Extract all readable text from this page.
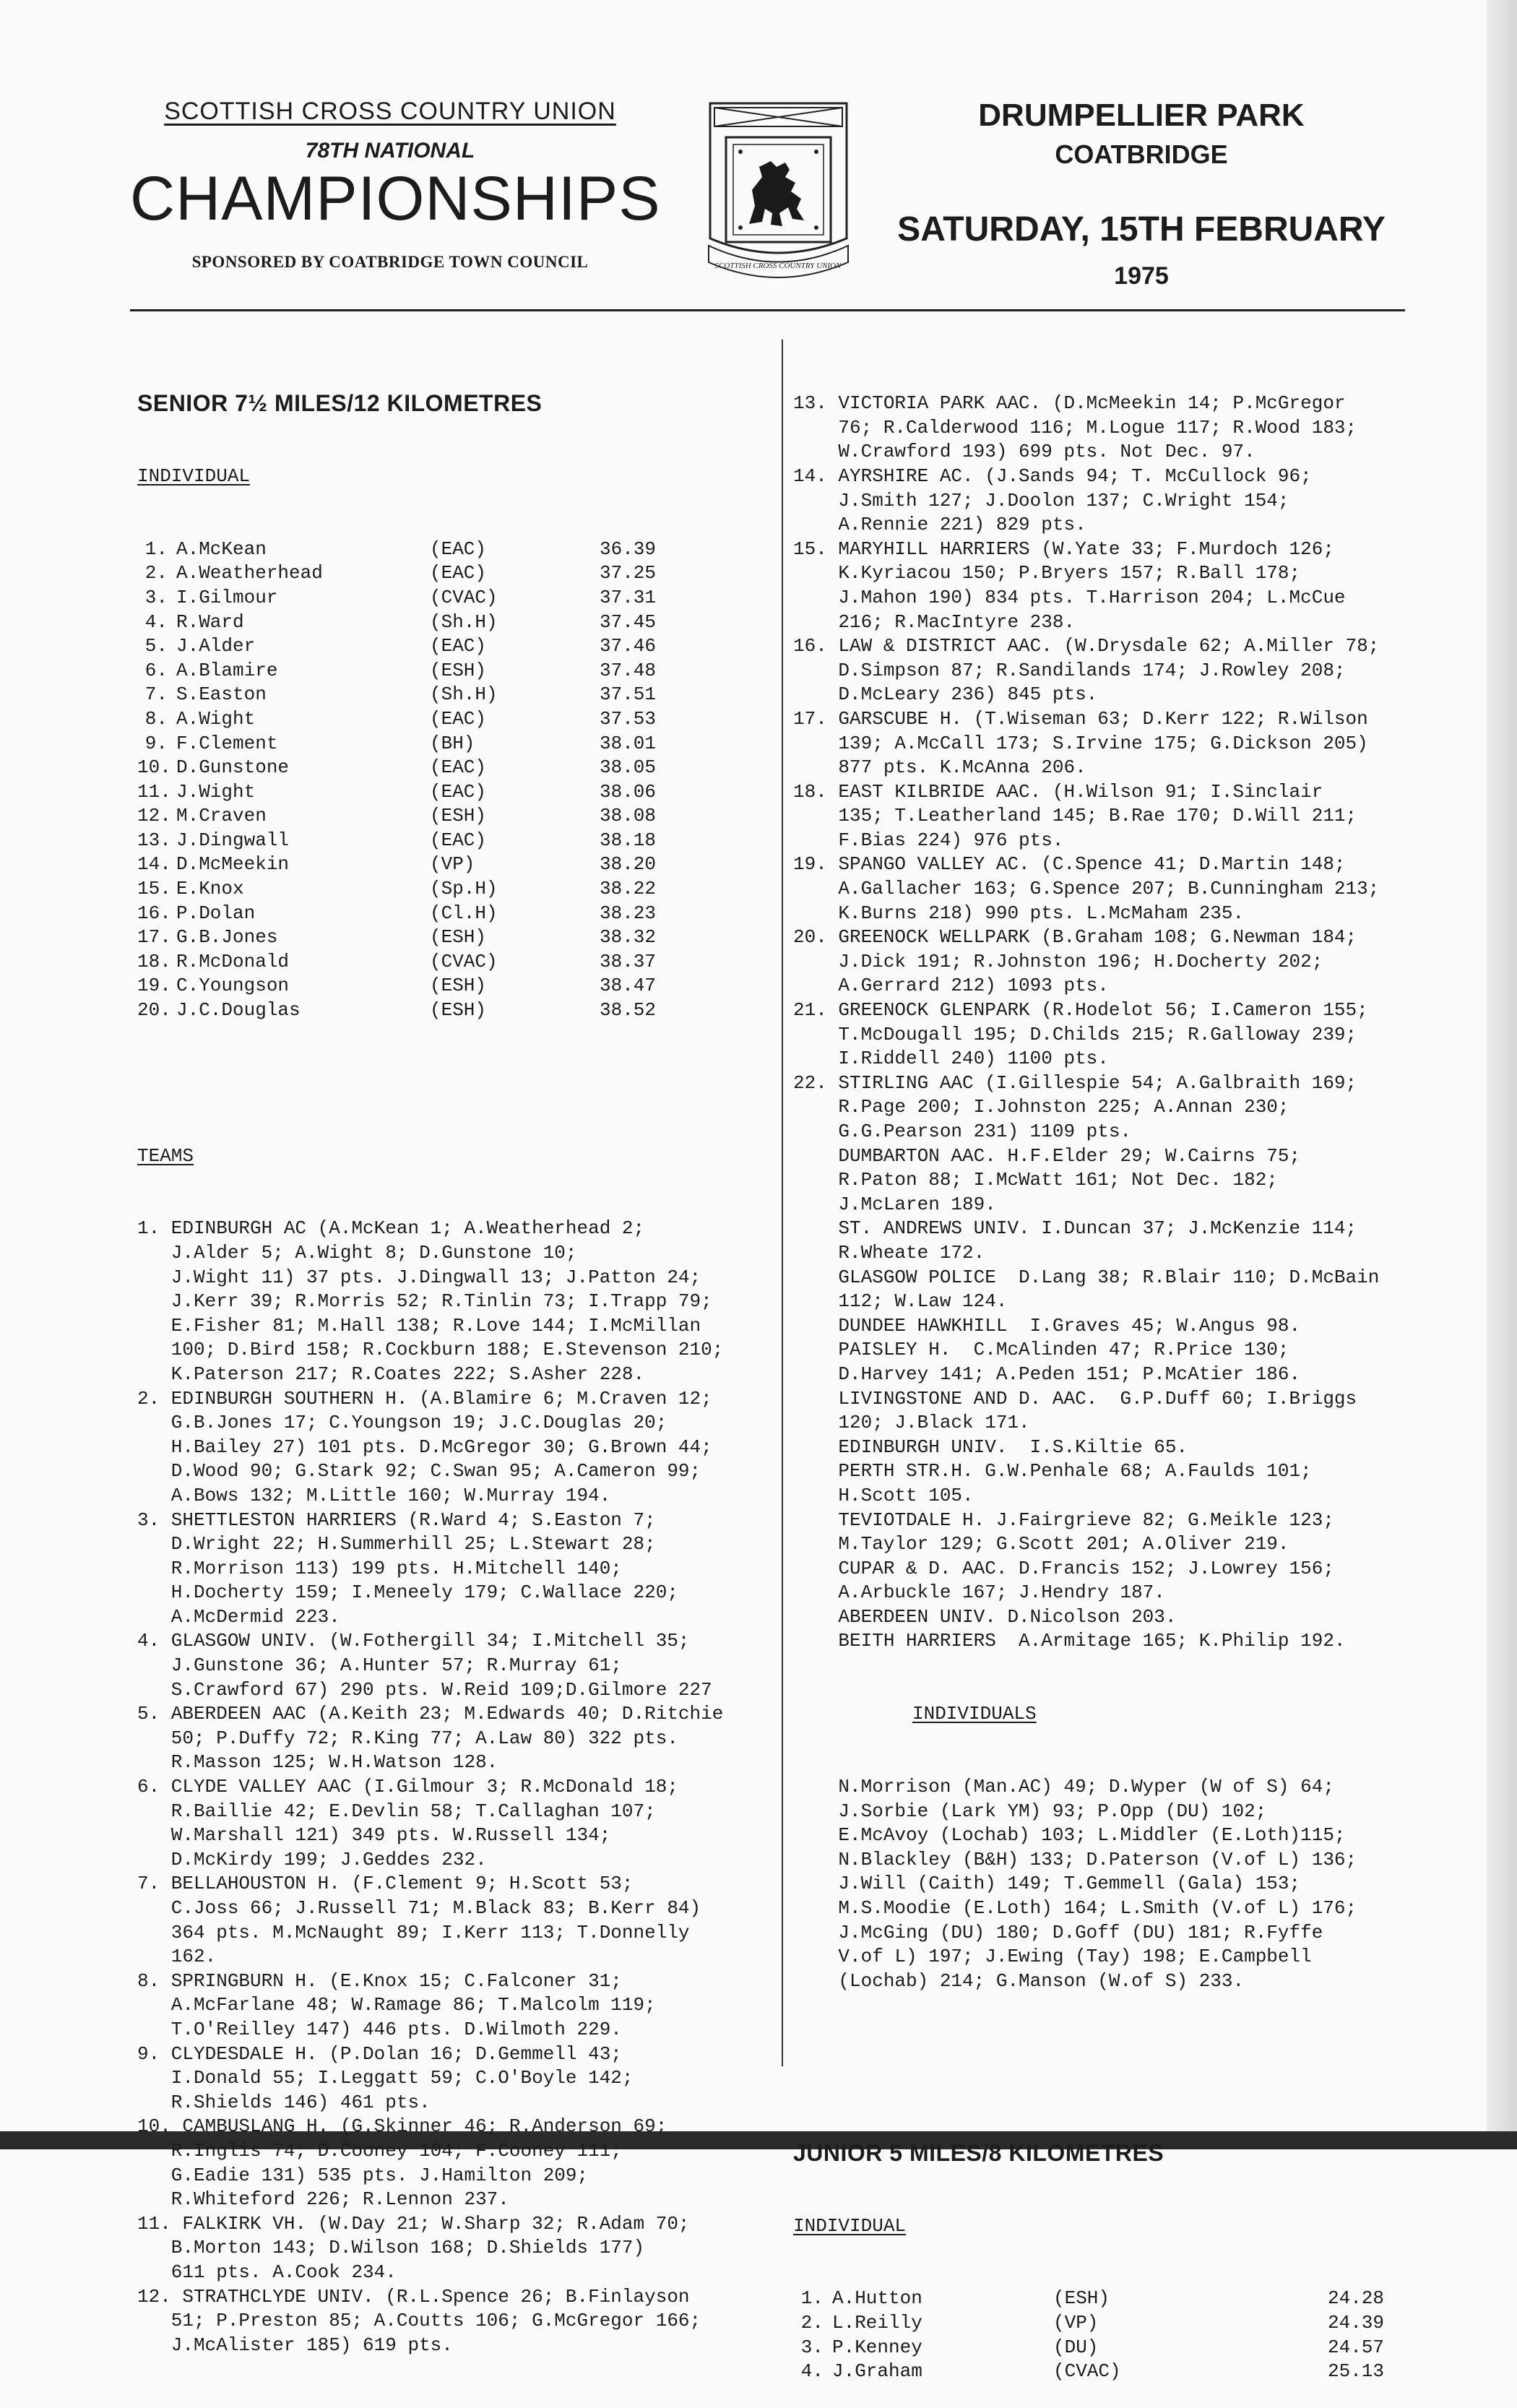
SCOTTISH CROSS COUNTRY UNION
78TH NATIONAL
CHAMPIONSHIPS
SPONSORED BY COATBRIDGE TOWN COUNCIL	SCOTTISH CROSS COUNTRY UNION
DRUMPELLIER PARK
COATBRIDGE
SATURDAY, 15TH FEBRUARY
1975

SENIOR 7½ MILES/12 KILOMETRES

INDIVIDUAL

1. A.McKean	(EAC)	36.39
2. A.Weatherhead	(EAC)	37.25
3. I.Gilmour	(CVAC)	37.31
4. R.Ward	(Sh.H)	37.45
5. J.Alder	(EAC)	37.46
6. A.Blamire	(ESH)	37.48
7. S.Easton	(Sh.H)	37.51
8. A.Wight	(EAC)	37.53
9. F.Clement	(BH)	38.01
10. D.Gunstone	(EAC)	38.05
11. J.Wight	(EAC)	38.06
12. M.Craven	(ESH)	38.08
13. J.Dingwall	(EAC)	38.18
14. D.McMeekin	(VP)	38.20
15. E.Knox	(Sp.H)	38.22
16. P.Dolan	(Cl.H)	38.23
17. G.B.Jones	(ESH)	38.32
18. R.McDonald	(CVAC)	38.37
19. C.Youngson	(ESH)	38.47
20. J.C.Douglas	(ESH)	38.52

TEAMS

1. EDINBURGH AC (A.McKean 1; A.Weatherhead 2;
J.Alder 5; A.Wight 8; D.Gunstone 10;
J.Wight 11) 37 pts. J.Dingwall 13; J.Patton 24;
J.Kerr 39; R.Morris 52; R.Tinlin 73; I.Trapp 79;
E.Fisher 81; M.Hall 138; R.Love 144; I.McMillan
100; D.Bird 158; R.Cockburn 188; E.Stevenson 210;
K.Paterson 217; R.Coates 222; S.Asher 228.
2. EDINBURGH SOUTHERN H. (A.Blamire 6; M.Craven 12;
G.B.Jones 17; C.Youngson 19; J.C.Douglas 20;
H.Bailey 27) 101 pts. D.McGregor 30; G.Brown 44;
D.Wood 90; G.Stark 92; C.Swan 95; A.Cameron 99;
A.Bows 132; M.Little 160; W.Murray 194.
3. SHETTLESTON HARRIERS (R.Ward 4; S.Easton 7;
D.Wright 22; H.Summerhill 25; L.Stewart 28;
R.Morrison 113) 199 pts. H.Mitchell 140;
H.Docherty 159; I.Meneely 179; C.Wallace 220;
A.McDermid 223.
4. GLASGOW UNIV. (W.Fothergill 34; I.Mitchell 35;
J.Gunstone 36; A.Hunter 57; R.Murray 61;
S.Crawford 67) 290 pts. W.Reid 109;D.Gilmore 227
5. ABERDEEN AAC (A.Keith 23; M.Edwards 40; D.Ritchie
50; P.Duffy 72; R.King 77; A.Law 80) 322 pts.
R.Masson 125; W.H.Watson 128.
6. CLYDE VALLEY AAC (I.Gilmour 3; R.McDonald 18;
R.Baillie 42; E.Devlin 58; T.Callaghan 107;
W.Marshall 121) 349 pts. W.Russell 134;
D.McKirdy 199; J.Geddes 232.
7. BELLAHOUSTON H. (F.Clement 9; H.Scott 53;
C.Joss 66; J.Russell 71; M.Black 83; B.Kerr 84)
364 pts. M.McNaught 89; I.Kerr 113; T.Donnelly
162.
8. SPRINGBURN H. (E.Knox 15; C.Falconer 31;
A.McFarlane 48; W.Ramage 86; T.Malcolm 119;
T.O'Reilley 147) 446 pts. D.Wilmoth 229.
9. CLYDESDALE H. (P.Dolan 16; D.Gemmell 43;
I.Donald 55; I.Leggatt 59; C.O'Boyle 142;
R.Shields 146) 461 pts.
10. CAMBUSLANG H. (G.Skinner 46; R.Anderson 69;
R.Inglis 74; D.Cooney 104; F.Cooney 111;
G.Eadie 131) 535 pts. J.Hamilton 209;
R.Whiteford 226; R.Lennon 237.
11. FALKIRK VH. (W.Day 21; W.Sharp 32; R.Adam 70;
B.Morton 143; D.Wilson 168; D.Shields 177)
611 pts. A.Cook 234.
12. STRATHCLYDE UNIV. (R.L.Spence 26; B.Finlayson
51; P.Preston 85; A.Coutts 106; G.McGregor 166;
J.McAlister 185) 619 pts.

13. VICTORIA PARK AAC. (D.McMeekin 14; P.McGregor
76; R.Calderwood 116; M.Logue 117; R.Wood 183;
W.Crawford 193) 699 pts. Not Dec. 97.
14. AYRSHIRE AC. (J.Sands 94; T. McCullock 96;
J.Smith 127; J.Doolon 137; C.Wright 154;
A.Rennie 221) 829 pts.
15. MARYHILL HARRIERS (W.Yate 33; F.Murdoch 126;
K.Kyriacou 150; P.Bryers 157; R.Ball 178;
J.Mahon 190) 834 pts. T.Harrison 204; L.McCue
216; R.MacIntyre 238.
16. LAW & DISTRICT AAC. (W.Drysdale 62; A.Miller 78;
D.Simpson 87; R.Sandilands 174; J.Rowley 208;
D.McLeary 236) 845 pts.
17. GARSCUBE H. (T.Wiseman 63; D.Kerr 122; R.Wilson
139; A.McCall 173; S.Irvine 175; G.Dickson 205)
877 pts. K.McAnna 206.
18. EAST KILBRIDE AAC. (H.Wilson 91; I.Sinclair
135; T.Leatherland 145; B.Rae 170; D.Will 211;
F.Bias 224) 976 pts.
19. SPANGO VALLEY AC. (C.Spence 41; D.Martin 148;
A.Gallacher 163; G.Spence 207; B.Cunningham 213;
K.Burns 218) 990 pts. L.McMaham 235.
20. GREENOCK WELLPARK (B.Graham 108; G.Newman 184;
J.Dick 191; R.Johnston 196; H.Docherty 202;
A.Gerrard 212) 1093 pts.
21. GREENOCK GLENPARK (R.Hodelot 56; I.Cameron 155;
T.McDougall 195; D.Childs 215; R.Galloway 239;
I.Riddell 240) 1100 pts.
22. STIRLING AAC (I.Gillespie 54; A.Galbraith 169;
R.Page 200; I.Johnston 225; A.Annan 230;
G.G.Pearson 231) 1109 pts.
DUMBARTON AAC. H.F.Elder 29; W.Cairns 75;
R.Paton 88; I.McWatt 161; Not Dec. 182;
J.McLaren 189.
ST. ANDREWS UNIV. I.Duncan 37; J.McKenzie 114;
R.Wheate 172.
GLASGOW POLICE  D.Lang 38; R.Blair 110; D.McBain
112; W.Law 124.
DUNDEE HAWKHILL  I.Graves 45; W.Angus 98.
PAISLEY H.  C.McAlinden 47; R.Price 130;
D.Harvey 141; A.Peden 151; P.McAtier 186.
LIVINGSTONE AND D. AAC.  G.P.Duff 60; I.Briggs
120; J.Black 171.
EDINBURGH UNIV.  I.S.Kiltie 65.
PERTH STR.H. G.W.Penhale 68; A.Faulds 101;
H.Scott 105.
TEVIOTDALE H. J.Fairgrieve 82; G.Meikle 123;
M.Taylor 129; G.Scott 201; A.Oliver 219.
CUPAR & D. AAC. D.Francis 152; J.Lowrey 156;
A.Arbuckle 167; J.Hendry 187.
ABERDEEN UNIV. D.Nicolson 203.
BEITH HARRIERS  A.Armitage 165; K.Philip 192.

INDIVIDUALS

N.Morrison (Man.AC) 49; D.Wyper (W of S) 64;
J.Sorbie (Lark YM) 93; P.Opp (DU) 102;
E.McAvoy (Lochab) 103; L.Middler (E.Loth)115;
N.Blackley (B&H) 133; D.Paterson (V.of L) 136;
J.Will (Caith) 149; T.Gemmell (Gala) 153;
M.S.Moodie (E.Loth) 164; L.Smith (V.of L) 176;
J.McGing (DU) 180; D.Goff (DU) 181; R.Fyffe
V.of L) 197; J.Ewing (Tay) 198; E.Campbell
(Lochab) 214; G.Manson (W.of S) 233.

JUNIOR 5 MILES/8 KILOMETRES

INDIVIDUAL

1. A.Hutton	(ESH)	24.28
2. L.Reilly	(VP)	24.39
3. P.Kenney	(DU)	24.57
4. J.Graham	(CVAC)	25.13
